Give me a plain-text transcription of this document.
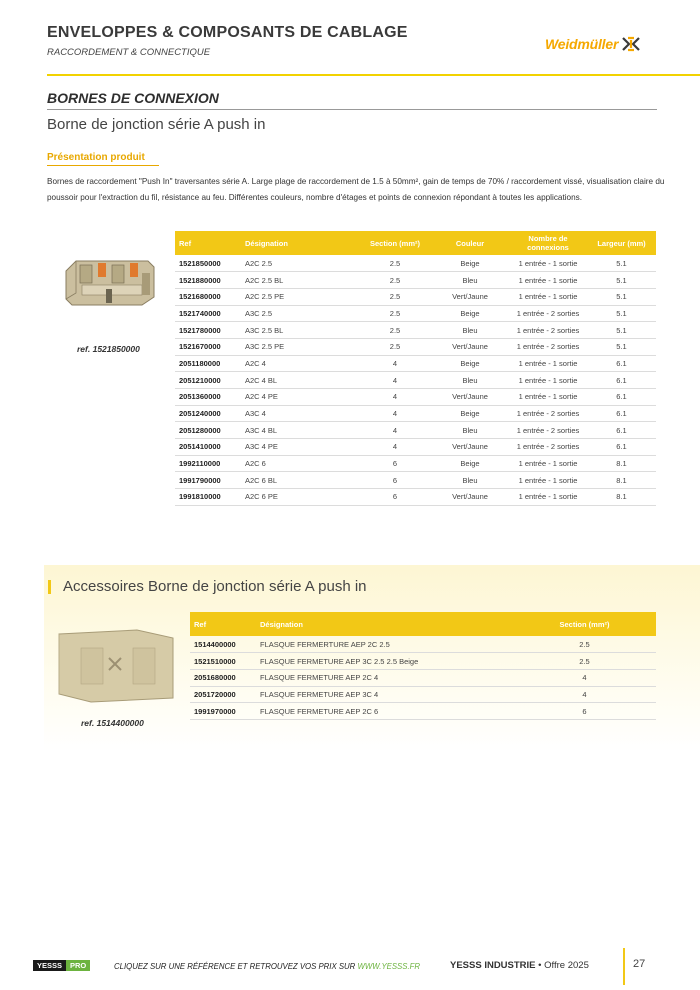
ENVELOPPES & COMPOSANTS DE CABLAGE
RACCORDEMENT & CONNECTIQUE
Weidmüller
BORNES DE CONNEXION
Borne de jonction série A push in
Présentation produit

Bornes de raccordement "Push In" traversantes série A. Large plage de raccordement de 1.5 à 50mm², gain de temps de 70% / raccordement vissé, visualisation claire du poussoir pour l'extraction du fil, résistance au feu. Différentes couleurs, nombre d'étages et points de connexion répondant à toutes les applications.

ref. 1521850000
Ref	Désignation	Section (mm²)	Couleur	Nombre de connexions	Largeur (mm)
1521850000	A2C 2.5	2.5	Beige	1 entrée - 1 sortie	5.1
1521880000	A2C 2.5 BL	2.5	Bleu	1 entrée - 1 sortie	5.1
1521680000	A2C 2.5 PE	2.5	Vert/Jaune	1 entrée - 1 sortie	5.1
1521740000	A3C 2.5	2.5	Beige	1 entrée - 2 sorties	5.1
1521780000	A3C 2.5 BL	2.5	Bleu	1 entrée - 2 sorties	5.1
1521670000	A3C 2.5 PE	2.5	Vert/Jaune	1 entrée - 2 sorties	5.1
2051180000	A2C 4	4	Beige	1 entrée - 1 sortie	6.1
2051210000	A2C 4 BL	4	Bleu	1 entrée - 1 sortie	6.1
2051360000	A2C 4 PE	4	Vert/Jaune	1 entrée - 1 sortie	6.1
2051240000	A3C 4	4	Beige	1 entrée - 2 sorties	6.1
2051280000	A3C 4 BL	4	Bleu	1 entrée - 2 sorties	6.1
2051410000	A3C 4 PE	4	Vert/Jaune	1 entrée - 2 sorties	6.1
1992110000	A2C 6	6	Beige	1 entrée - 1 sortie	8.1
1991790000	A2C 6 BL	6	Bleu	1 entrée - 1 sortie	8.1
1991810000	A2C 6 PE	6	Vert/Jaune	1 entrée - 1 sortie	8.1
Accessoires Borne de jonction série A push in
ref. 1514400000
Ref	Désignation	Section (mm²)
1514400000	FLASQUE FERMERTURE AEP 2C 2.5	2.5
1521510000	FLASQUE FERMETURE AEP 3C 2.5 2.5 Beige	2.5
2051680000	FLASQUE FERMETURE AEP 2C 4	4
2051720000	FLASQUE FERMETURE AEP 3C 4	4
1991970000	FLASQUE FERMETURE AEP 2C 6	6
YESSS	PRO	CLIQUEZ SUR UNE RÉFÉRENCE ET RETROUVEZ VOS PRIX SUR WWW.YESSS.FR	YESSS INDUSTRIE • Offre 2025	27
